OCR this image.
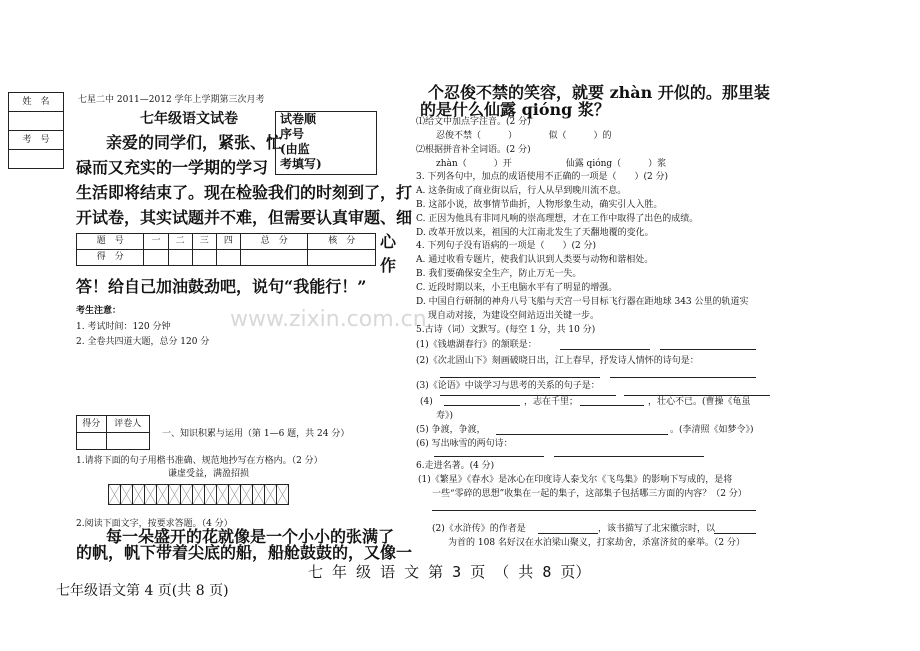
姓　名

考　号

七星二中 2011—2012 学年上学期第三次月考
七年级语文试卷	试卷顺
序号
(由监
考填写)
亲爱的同学们，紧张、忙
碌而又充实的一学期的学习
生活即将结束了。现在检验我们的时刻到了，打
开试卷，其实试题并不难，但需要认真审题、细
心
作
题　号	一	二	三	四	总　分	核　分
得　分						
答！给自己加油鼓劲吧，说句“我能行！”
考生注意：
1. 考试时间：120 分钟
2. 全卷共四道大题，总分 120 分
得分	评卷人

一、知识积累与运用（第 1—6 题，共 24 分）
1.请将下面的句子用楷书准确、规范地抄写在方格内。（2 分）
谦虚受益，满盈招损
2.阅读下面文字，按要求答题。（4 分）
每一朵盛开的花就像是一个小小的张满了
的帆，帆下带着尖底的船，船舱鼓鼓的，又像一
www.zixin.com.cn
七年级语文第 4 页(共 8 页)
个忍俊不禁的笑容，就要 zhàn 开似的。那里装
的是什么仙露 qióng 浆？
⑴给文中加点字注音。(2 分)
忍俊不禁（　　　）　　　　似（　　　）的
⑵根据拼音补全词语。(2 分)
zhàn（　　　）开　　　　　　仙露 qióng（　　　）浆
3. 下列各句中，加点的成语使用不正确的一项是（　　）(2 分)
A. 这条街成了商业街以后，行人从早到晚川流不息。
B. 这部小说，故事情节曲折，人物形象生动，确实引人入胜。
C. 正因为他具有非同凡响的崇高理想，才在工作中取得了出色的成绩。
D. 改革开放以来，祖国的大江南北发生了天翻地覆的变化。
4. 下列句子没有语病的一项是（　　）(2 分)
A. 通过收看专题片，使我们认识到人类要与动物和谐相处。
B. 我们要确保安全生产，防止万无一失。
C. 近段时期以来，小王电脑水平有了明显的增强。
D. 中国自行研制的神舟八号飞船与天宫一号目标飞行器在距地球 343 公里的轨道实
现自动对接，为建设空间站迈出关键一步。
5.古诗（词）文默写。(每空 1 分，共 10 分)
(1)《钱塘湖春行》的颔联是：
(2)《次北固山下》刻画破晓日出，江上春早，抒发诗人情怀的诗句是：
(3)《论语》中谈学习与思考的关系的句子是：
(4)	，志在千里；	，壮心不已。(曹操《龟虽
寿》)
(5) 争渡，争渡，	。(李清照《如梦令》)
(6) 写出咏雪的两句诗：
6.走进名著。(4 分)
(1)《繁星》《春水》是冰心在印度诗人泰戈尔《飞鸟集》的影响下写成的，是将
一些“零碎的思想”收集在一起的集子，这部集子包括哪三方面的内容？（2 分）
(2)《水浒传》的作者是	，该书描写了北宋徽宗时，以
为首的 108 名好汉在水泊梁山聚义，打家劫舍，杀富济贫的豪举。（2 分）
七 年 级 语 文 第 3 页 （ 共 8 页）
